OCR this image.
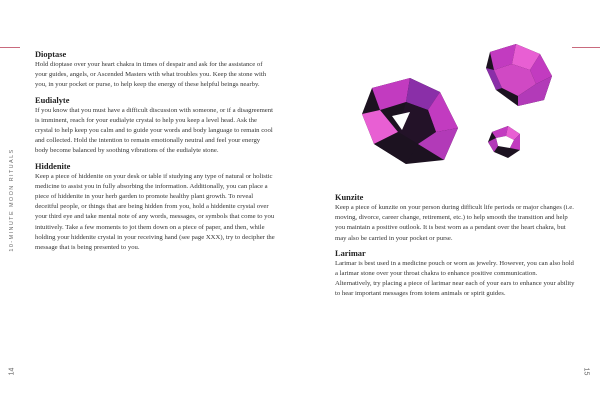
10-MINUTE MOON RITUALS
14	15
Dioptase

Hold dioptase over your heart chakra in times of despair and ask for the assistance of your guides, angels, or Ascended Masters with what troubles you. Keep the stone with you, in your pocket or purse, to help keep the energy of these helpful beings nearby.

Eudialyte

If you know that you must have a difficult discussion with someone, or if a disagreement is imminent, reach for your eudialyte crystal to help you keep a level head. Ask the crystal to help keep you calm and to guide your words and body language to remain cool and collected. Hold the intention to remain emotionally neutral and feel your energy body become balanced by soothing vibrations of the eudialyte stone.

Hiddenite

Keep a piece of hiddenite on your desk or table if studying any type of natural or holistic medicine to assist you in fully absorbing the information. Additionally, you can place a piece of hiddenite in your herb garden to promote healthy plant growth. To reveal deceitful people, or things that are being hidden from you, hold a hiddenite crystal over your third eye and take mental note of any words, messages, or symbols that come to you intuitively. Take a few moments to jot them down on a piece of paper, and then, while holding your hiddenite crystal in your receiving hand (see page XXX), try to decipher the message that is being presented to you.

Kunzite

Keep a piece of kunzite on your person during difficult life periods or major changes (i.e. moving, divorce, career change, retirement, etc.) to help smooth the transition and help you maintain a positive outlook. It is best worn as a pendant over the heart chakra, but may also be carried in your pocket or purse.

Larimar

Larimar is best used in a medicine pouch or worn as jewelry. However, you can also hold a larimar stone over your throat chakra to enhance positive communication. Alternatively, try placing a piece of larimar near each of your ears to enhance your ability to hear important messages from totem animals or spirit guides.
